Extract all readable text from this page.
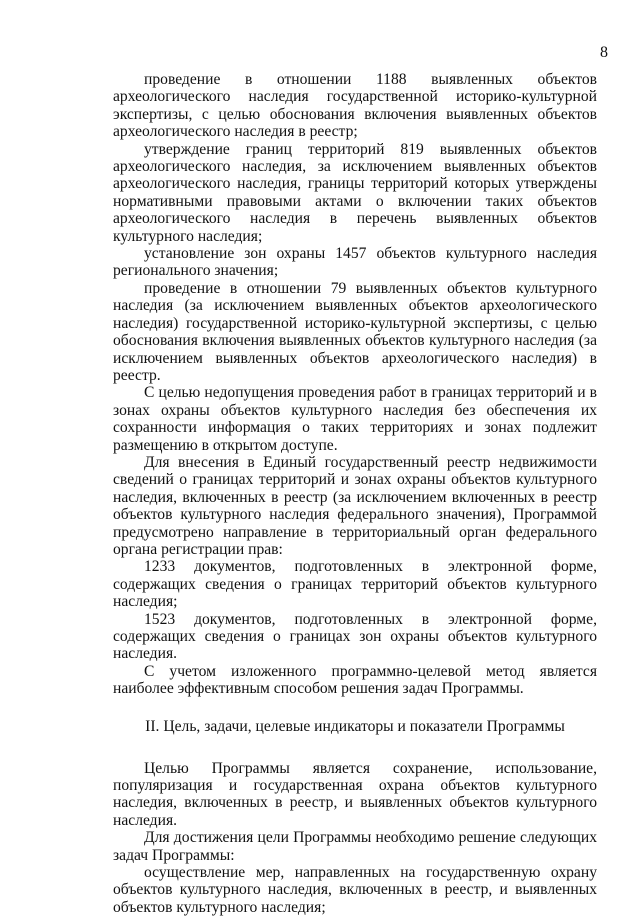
8

проведение в отношении 1188 выявленных объектов археологического наследия государственной историко-культурной экспертизы, с целью обоснования включения выявленных объектов археологического наследия в реестр;

утверждение границ территорий 819 выявленных объектов археологического наследия, за исключением выявленных объектов археологического наследия, границы территорий которых утверждены нормативными правовыми актами о включении таких объектов археологического наследия в перечень выявленных объектов культурного наследия;

установление зон охраны 1457 объектов культурного наследия регионального значения;

проведение в отношении 79 выявленных объектов культурного наследия (за исключением выявленных объектов археологического наследия) государственной историко-культурной экспертизы, с целью обоснования включения выявленных объектов культурного наследия (за исключением выявленных объектов археологического наследия) в реестр.

С целью недопущения проведения работ в границах территорий и в зонах охраны объектов культурного наследия без обеспечения их сохранности информация о таких территориях и зонах подлежит размещению в открытом доступе.

Для внесения в Единый государственный реестр недвижимости сведений о границах территорий и зонах охраны объектов культурного наследия, включенных в реестр (за исключением включенных в реестр объектов культурного наследия федерального значения), Программой предусмотрено направление в территориальный орган федерального органа регистрации прав:

1233 документов, подготовленных в электронной форме, содержащих сведения о границах территорий объектов культурного наследия;

1523 документов, подготовленных в электронной форме, содержащих сведения о границах зон охраны объектов культурного наследия.

С учетом изложенного программно-целевой метод является наиболее эффективным способом решения задач Программы.

II. Цель, задачи, целевые индикаторы и показатели Программы

Целью Программы является сохранение, использование, популяризация и государственная охрана объектов культурного наследия, включенных в реестр, и выявленных объектов культурного наследия.

Для достижения цели Программы необходимо решение следующих задач Программы:

осуществление мер, направленных на государственную охрану объектов культурного наследия, включенных в реестр, и выявленных объектов культурного наследия;
